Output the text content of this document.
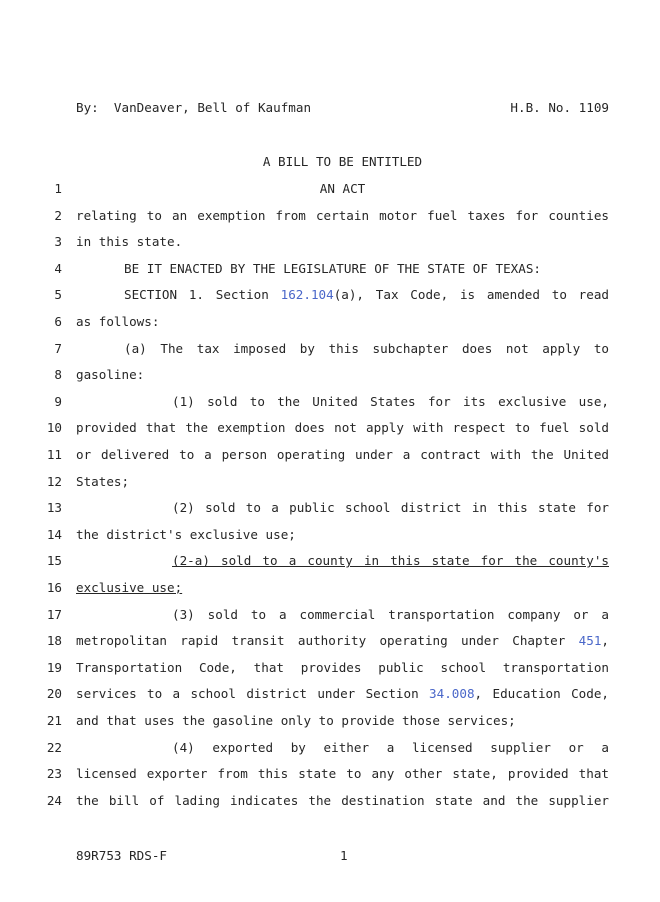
By:  VanDeaver, Bell of Kaufman

	H.B. No. 1109

A BILL TO BE ENTITLED
1	AN ACT
2 relating to an exemption from certain motor fuel taxes for counties
3 in this state.
4	BE IT ENACTED BY THE LEGISLATURE OF THE STATE OF TEXAS:
5	SECTION 1. Section 162.104(a), Tax Code, is amended to read
6 as follows:
7	(a) The tax imposed by this subchapter does not apply to
8 gasoline:
9	(1) sold to the United States for its exclusive use,
10 provided that the exemption does not apply with respect to fuel sold
11 or delivered to a person operating under a contract with the United
12 States;
13	(2) sold to a public school district in this state for
14 the district's exclusive use;
15	(2-a) sold to a county in this state for the county's
16 exclusive use;
17	(3) sold to a commercial transportation company or a
18 metropolitan rapid transit authority operating under Chapter 451,
19 Transportation Code, that provides public school transportation
20 services to a school district under Section 34.008, Education Code,
21 and that uses the gasoline only to provide those services;
22	(4) exported by either a licensed supplier or a
23 licensed exporter from this state to any other state, provided that
24 the bill of lading indicates the destination state and the supplier
89R753 RDS-F	1
